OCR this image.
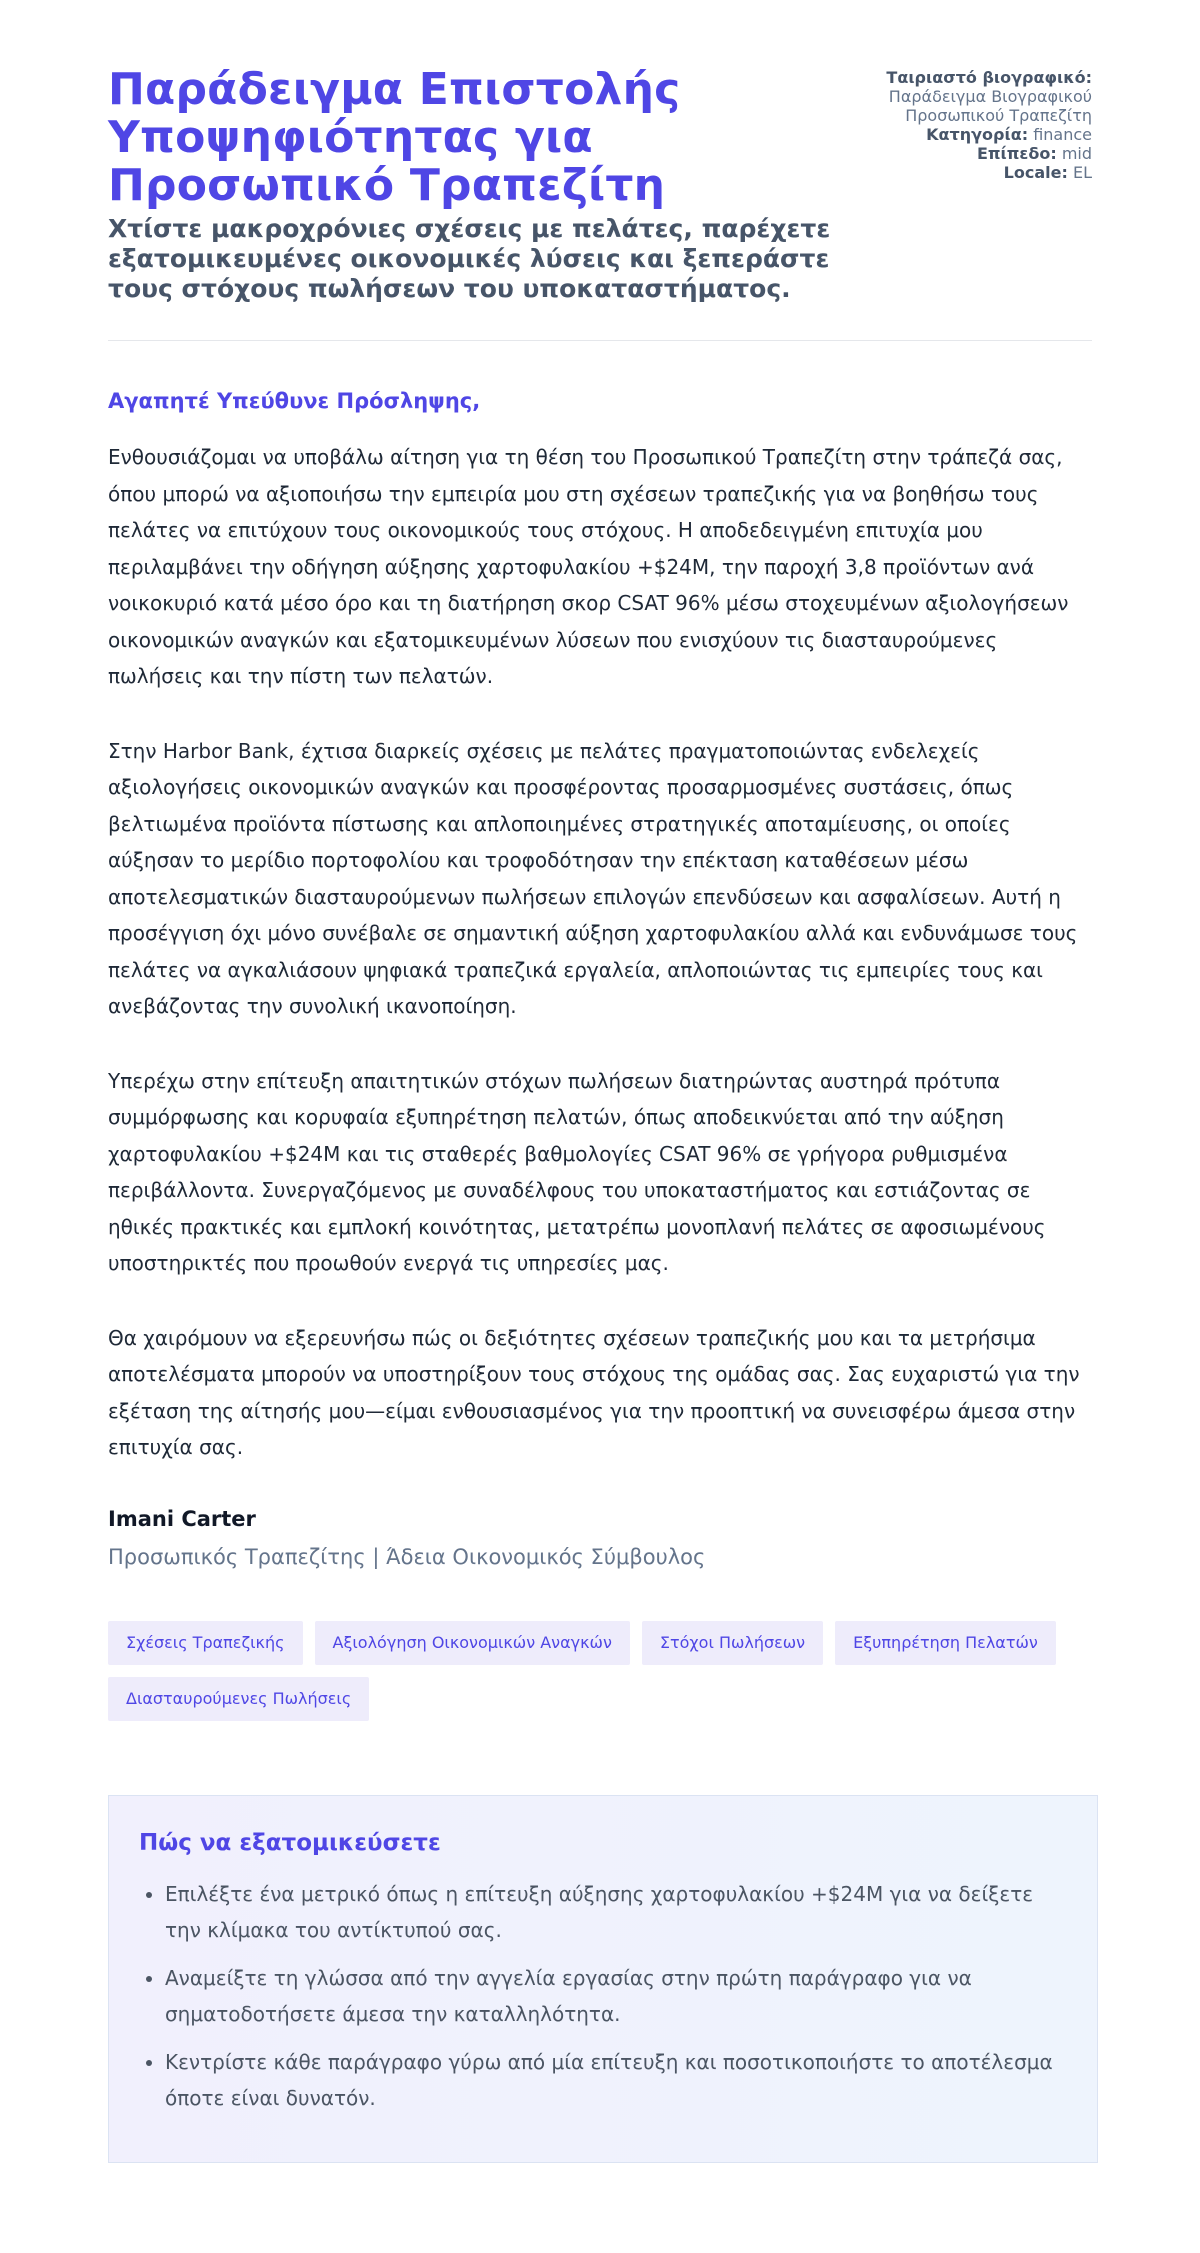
Παράδειγμα Επιστολής Υποψηφιότητας για Προσωπικό Τραπεζίτη
Χτίστε μακροχρόνιες σχέσεις με πελάτες, παρέχετε εξατομικευμένες οικονομικές λύσεις και ξεπεράστε τους στόχους πωλήσεων του υποκαταστήματος.
Ταιριαστό βιογραφικό:
Παράδειγμα Βιογραφικού Προσωπικού Τραπεζίτη
Κατηγορία: finance
Επίπεδο: mid
Locale: EL

Αγαπητέ Υπεύθυνε Πρόσληψης,

Ενθουσιάζομαι να υποβάλω αίτηση για τη θέση του Προσωπικού Τραπεζίτη στην τράπεζά σας, όπου μπορώ να αξιοποιήσω την εμπειρία μου στη σχέσεων τραπεζικής για να βοηθήσω τους πελάτες να επιτύχουν τους οικονομικούς τους στόχους. Η αποδεδειγμένη επιτυχία μου περιλαμβάνει την οδήγηση αύξησης χαρτοφυλακίου +$24M, την παροχή 3,8 προϊόντων ανά νοικοκυριό κατά μέσο όρο και τη διατήρηση σκορ CSAT 96% μέσω στοχευμένων αξιολογήσεων οικονομικών αναγκών και εξατομικευμένων λύσεων που ενισχύουν τις διασταυρούμενες πωλήσεις και την πίστη των πελατών.

Στην Harbor Bank, έχτισα διαρκείς σχέσεις με πελάτες πραγματοποιώντας ενδελεχείς αξιολογήσεις οικονομικών αναγκών και προσφέροντας προσαρμοσμένες συστάσεις, όπως βελτιωμένα προϊόντα πίστωσης και απλοποιημένες στρατηγικές αποταμίευσης, οι οποίες αύξησαν το μερίδιο πορτοφολίου και τροφοδότησαν την επέκταση καταθέσεων μέσω αποτελεσματικών διασταυρούμενων πωλήσεων επιλογών επενδύσεων και ασφαλίσεων. Αυτή η προσέγγιση όχι μόνο συνέβαλε σε σημαντική αύξηση χαρτοφυλακίου αλλά και ενδυνάμωσε τους πελάτες να αγκαλιάσουν ψηφιακά τραπεζικά εργαλεία, απλοποιώντας τις εμπειρίες τους και ανεβάζοντας την συνολική ικανοποίηση.

Υπερέχω στην επίτευξη απαιτητικών στόχων πωλήσεων διατηρώντας αυστηρά πρότυπα συμμόρφωσης και κορυφαία εξυπηρέτηση πελατών, όπως αποδεικνύεται από την αύξηση χαρτοφυλακίου +$24M και τις σταθερές βαθμολογίες CSAT 96% σε γρήγορα ρυθμισμένα περιβάλλοντα. Συνεργαζόμενος με συναδέλφους του υποκαταστήματος και εστιάζοντας σε ηθικές πρακτικές και εμπλοκή κοινότητας, μετατρέπω μονοπλανή πελάτες σε αφοσιωμένους υποστηρικτές που προωθούν ενεργά τις υπηρεσίες μας.

Θα χαιρόμουν να εξερευνήσω πώς οι δεξιότητες σχέσεων τραπεζικής μου και τα μετρήσιμα αποτελέσματα μπορούν να υποστηρίξουν τους στόχους της ομάδας σας. Σας ευχαριστώ για την εξέταση της αίτησής μου—είμαι ενθουσιασμένος για την προοπτική να συνεισφέρω άμεσα στην επιτυχία σας.

Imani Carter
Προσωπικός Τραπεζίτης | Άδεια Οικονομικός Σύμβουλος
Σχέσεις Τραπεζικής	Αξιολόγηση Οικονομικών Αναγκών	Στόχοι Πωλήσεων	Εξυπηρέτηση Πελατών
Διασταυρούμενες Πωλήσεις
Πώς να εξατομικεύσετε
• Επιλέξτε ένα μετρικό όπως η επίτευξη αύξησης χαρτοφυλακίου +$24M για να δείξετε την κλίμακα του αντίκτυπού σας.
• Αναμείξτε τη γλώσσα από την αγγελία εργασίας στην πρώτη παράγραφο για να σηματοδοτήσετε άμεσα την καταλληλότητα.
• Κεντρίστε κάθε παράγραφο γύρω από μία επίτευξη και ποσοτικοποιήστε το αποτέλεσμα όποτε είναι δυνατόν.
